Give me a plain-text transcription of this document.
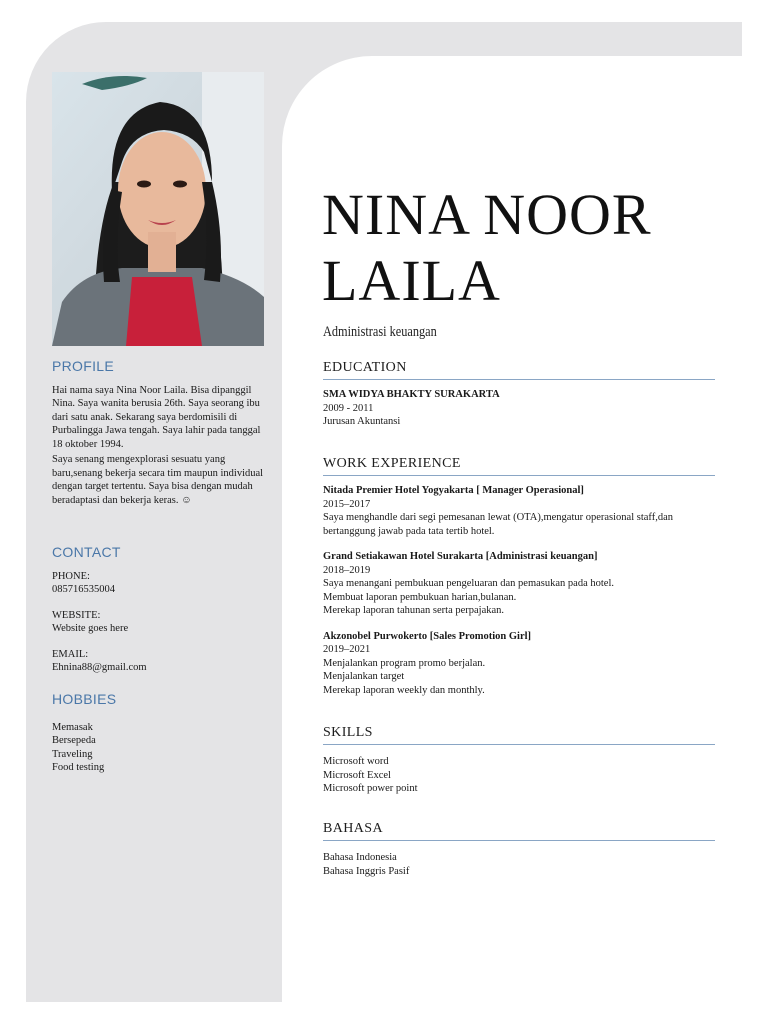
PROFILE

Hai nama saya Nina Noor Laila. Bisa dipanggil Nina. Saya wanita berusia 26th. Saya seorang ibu dari satu anak. Sekarang saya berdomisili di Purbalingga Jawa tengah. Saya lahir pada tanggal 18 oktober 1994.

Saya senang mengexplorasi sesuatu yang baru,senang bekerja secara tim maupun individual dengan target tertentu. Saya bisa dengan mudah beradaptasi dan bekerja keras. ☺

CONTACT
PHONE:
085716535004
WEBSITE:
Website goes here
EMAIL:
Ehnina88@gmail.com
HOBBIES
Memasak
Bersepeda
Traveling
Food testing
NINA NOOR
LAILA
Administrasi keuangan
EDUCATION
SMA WIDYA BHAKTY SURAKARTA
2009 - 2011
Jurusan Akuntansi
WORK EXPERIENCE
Nitada Premier Hotel Yogyakarta [ Manager Operasional]
2015–2017
Saya menghandle dari segi pemesanan lewat (OTA),mengatur operasional staff,dan bertanggung jawab pada tata tertib hotel.
Grand Setiakawan Hotel Surakarta [Administrasi keuangan]
2018–2019
Saya menangani pembukuan pengeluaran dan pemasukan pada hotel.
Membuat laporan pembukuan harian,bulanan.
Merekap laporan tahunan serta perpajakan.
Akzonobel Purwokerto [Sales Promotion Girl]
2019–2021
Menjalankan program promo berjalan.
Menjalankan target
Merekap laporan weekly dan monthly.
SKILLS
Microsoft word
Microsoft Excel
Microsoft power point
BAHASA
Bahasa Indonesia
Bahasa Inggris Pasif
